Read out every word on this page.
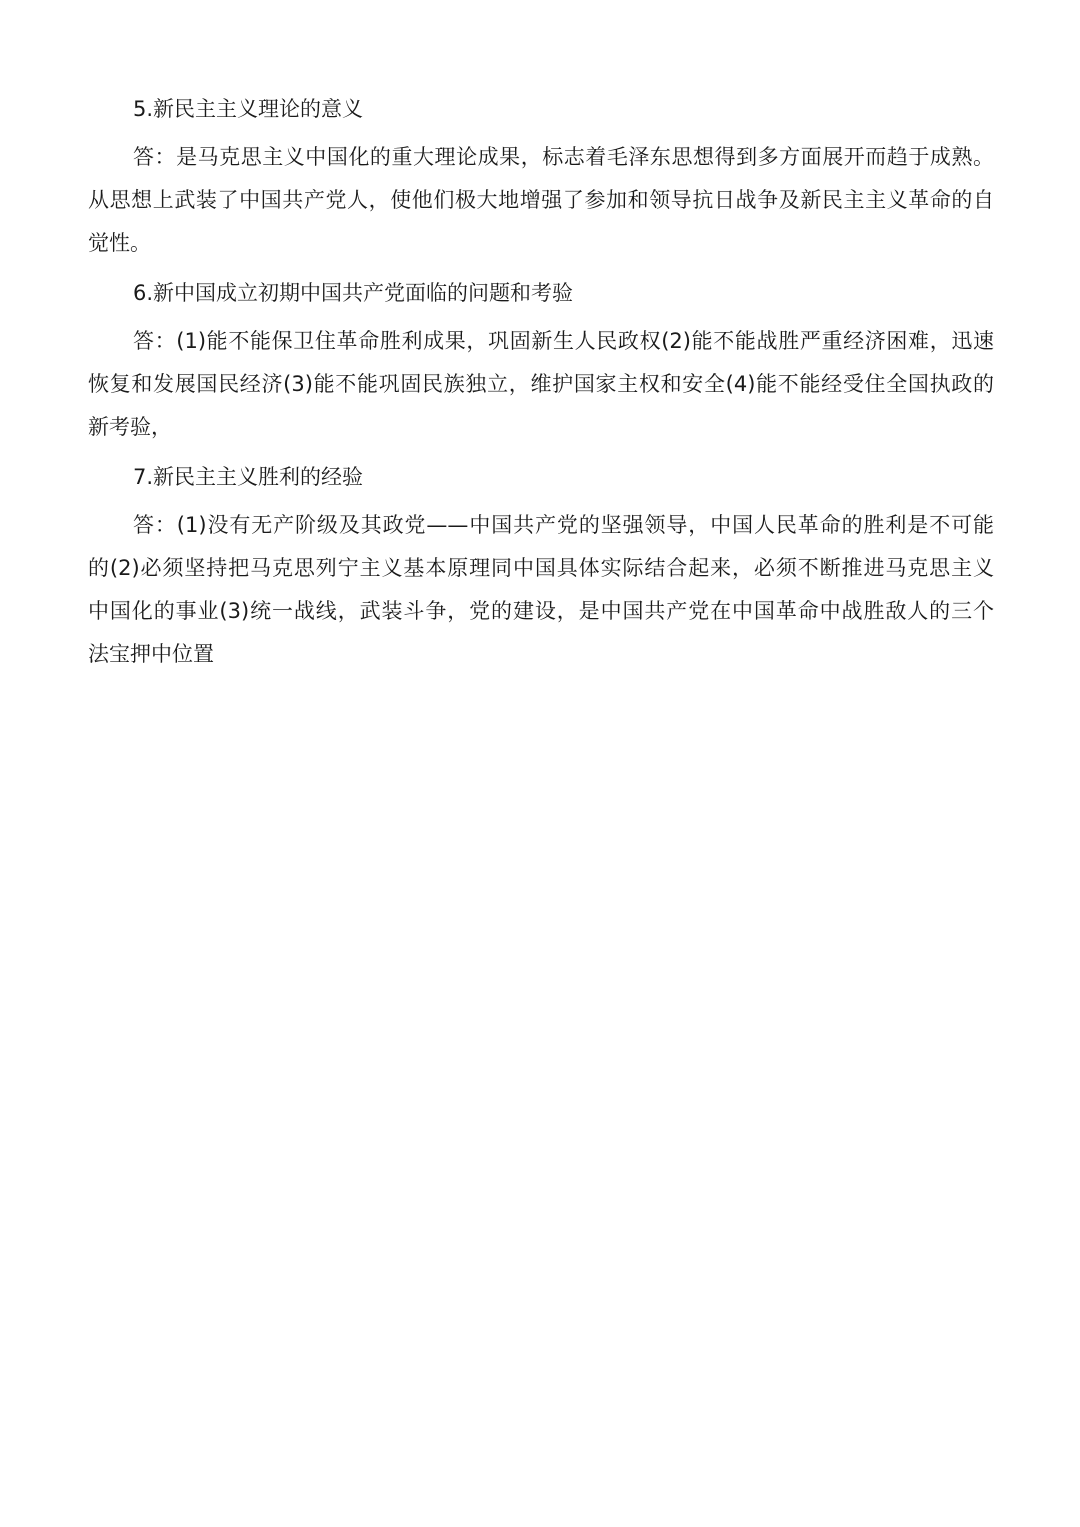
5.新民主主义理论的意义

答：是马克思主义中国化的重大理论成果，标志着毛泽东思想得到多方面展开而趋于成熟。
从思想上武装了中国共产党人，使他们极大地增强了参加和领导抗日战争及新民主主义革命的自
觉性。

6.新中国成立初期中国共产党面临的问题和考验

答：(1)能不能保卫住革命胜利成果，巩固新生人民政权(2)能不能战胜严重经济困难，迅速
恢复和发展国民经济(3)能不能巩固民族独立，维护国家主权和安全(4)能不能经受住全国执政的
新考验，

7.新民主主义胜利的经验

答：(1)没有无产阶级及其政党——中国共产党的坚强领导，中国人民革命的胜利是不可能
的(2)必须坚持把马克思列宁主义基本原理同中国具体实际结合起来，必须不断推进马克思主义
中国化的事业(3)统一战线，武装斗争，党的建设，是中国共产党在中国革命中战胜敌人的三个
法宝押中位置
